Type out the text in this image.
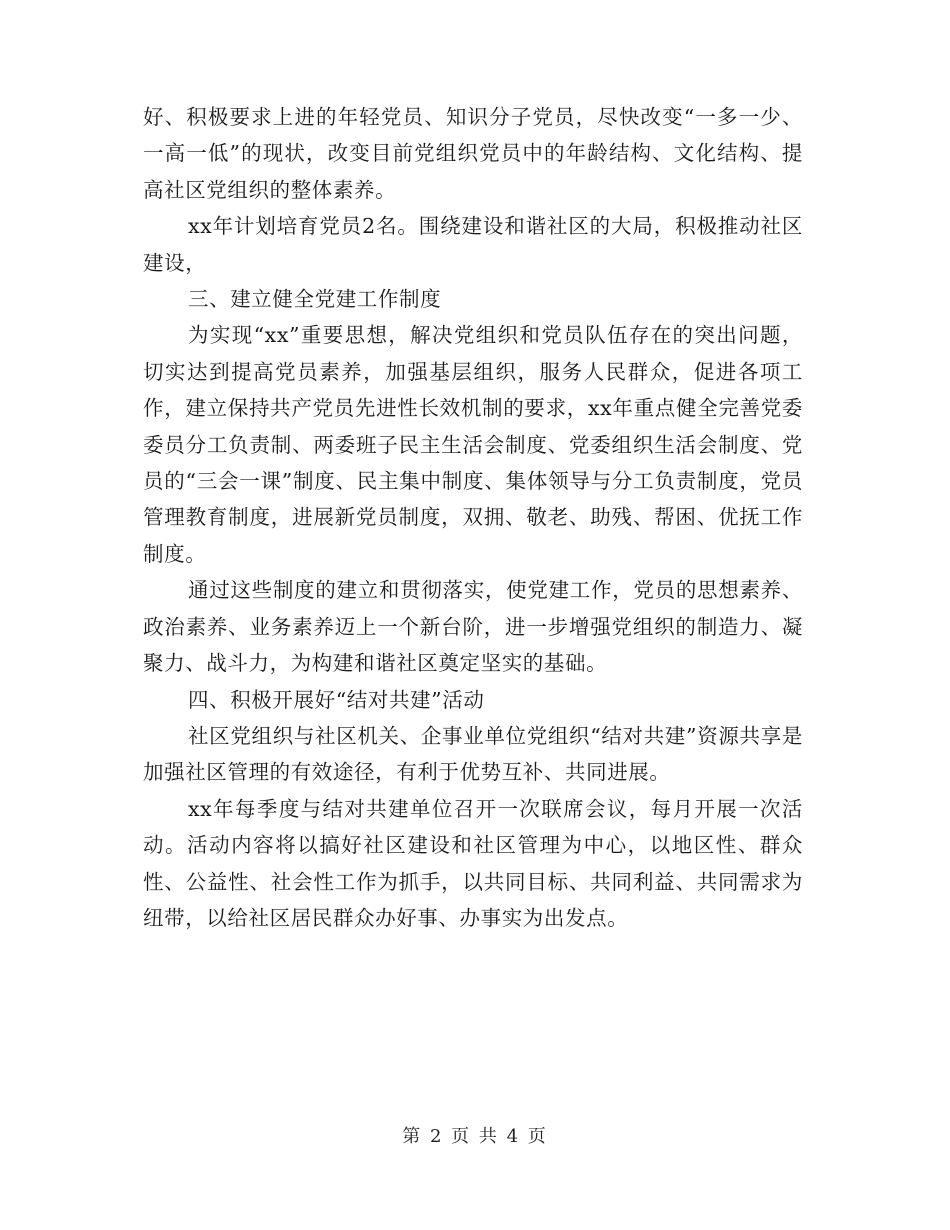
好、积极要求上进的年轻党员、知识分子党员，尽快改变“一多一少、一高一低”的现状，改变目前党组织党员中的年龄结构、文化结构、提高社区党组织的整体素养。

xx年计划培育党员2名。围绕建设和谐社区的大局，积极推动社区建设，

三、建立健全党建工作制度

为实现“xx”重要思想，解决党组织和党员队伍存在的突出问题，切实达到提高党员素养，加强基层组织，服务人民群众，促进各项工作，建立保持共产党员先进性长效机制的要求，xx年重点健全完善党委委员分工负责制、两委班子民主生活会制度、党委组织生活会制度、党员的“三会一课”制度、民主集中制度、集体领导与分工负责制度，党员管理教育制度，进展新党员制度，双拥、敬老、助残、帮困、优抚工作制度。

通过这些制度的建立和贯彻落实，使党建工作，党员的思想素养、政治素养、业务素养迈上一个新台阶，进一步增强党组织的制造力、凝聚力、战斗力，为构建和谐社区奠定坚实的基础。

四、积极开展好“结对共建”活动

社区党组织与社区机关、企事业单位党组织“结对共建”资源共享是加强社区管理的有效途径，有利于优势互补、共同进展。

xx年每季度与结对共建单位召开一次联席会议，每月开展一次活动。活动内容将以搞好社区建设和社区管理为中心，以地区性、群众性、公益性、社会性工作为抓手，以共同目标、共同利益、共同需求为纽带，以给社区居民群众办好事、办事实为出发点。

第 2 页 共 4 页
